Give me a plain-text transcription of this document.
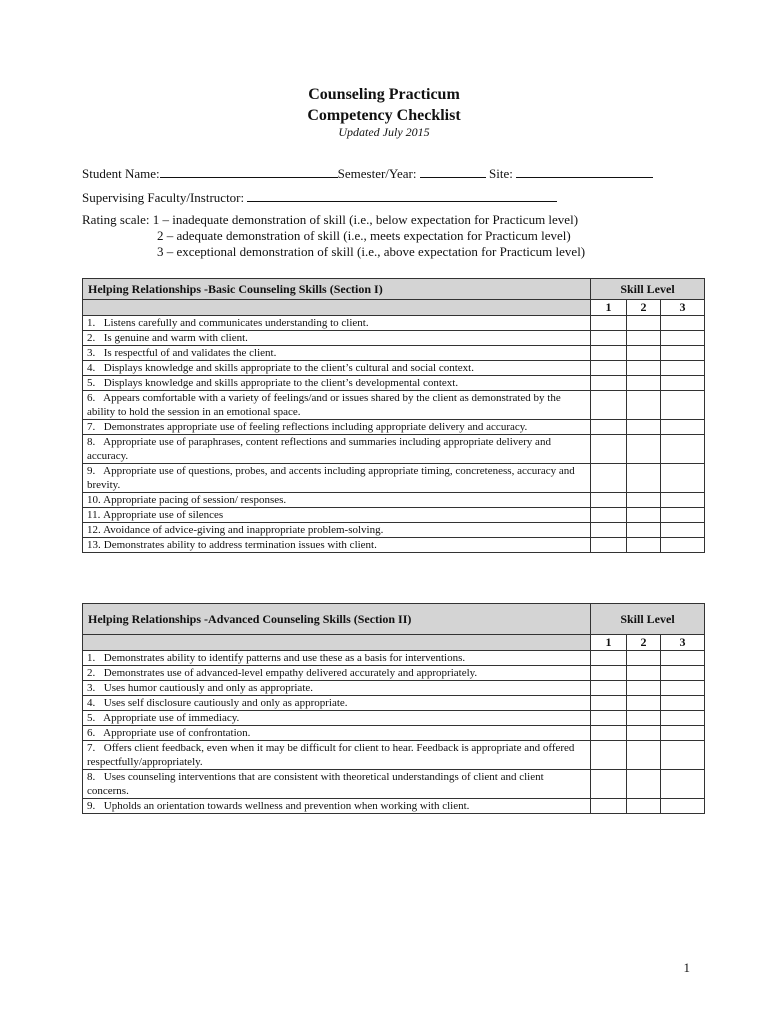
Counseling Practicum
Competency Checklist
Updated July 2015
Student Name:	Semester/Year:	Site:
Supervising Faculty/Instructor:
Rating scale: 1 – inadequate demonstration of skill (i.e., below expectation for Practicum level)
2 – adequate demonstration of skill (i.e., meets expectation for Practicum level)
3 – exceptional demonstration of skill (i.e., above expectation for Practicum level)
Helping Relationships -Basic Counseling Skills (Section I)	Skill Level		
	1	2	3
1. Listens carefully and communicates understanding to client.			
2. Is genuine and warm with client.			
3. Is respectful of and validates the client.			
4. Displays knowledge and skills appropriate to the client’s cultural and social context.			
5. Displays knowledge and skills appropriate to the client’s developmental context.			
6. Appears comfortable with a variety of feelings/and or issues shared by the client as demonstrated by the ability to hold the session in an emotional space.			
7. Demonstrates appropriate use of feeling reflections including appropriate delivery and accuracy.			
8. Appropriate use of paraphrases, content reflections and summaries including appropriate delivery and accuracy.			
9. Appropriate use of questions, probes, and accents including appropriate timing, concreteness, accuracy and brevity.			
10. Appropriate pacing of session/ responses.			
11. Appropriate use of silences			
12. Avoidance of advice-giving and inappropriate problem-solving.			
13. Demonstrates ability to address termination issues with client.			
Helping Relationships -Advanced Counseling Skills (Section II)	Skill Level		
	1	2	3
1. Demonstrates ability to identify patterns and use these as a basis for interventions.			
2. Demonstrates use of advanced-level empathy delivered accurately and appropriately.			
3. Uses humor cautiously and only as appropriate.			
4. Uses self disclosure cautiously and only as appropriate.			
5. Appropriate use of immediacy.			
6. Appropriate use of confrontation.			
7. Offers client feedback, even when it may be difficult for client to hear. Feedback is appropriate and offered respectfully/appropriately.			
8. Uses counseling interventions that are consistent with theoretical understandings of client and client concerns.			
9. Upholds an orientation towards wellness and prevention when working with client.			
1
